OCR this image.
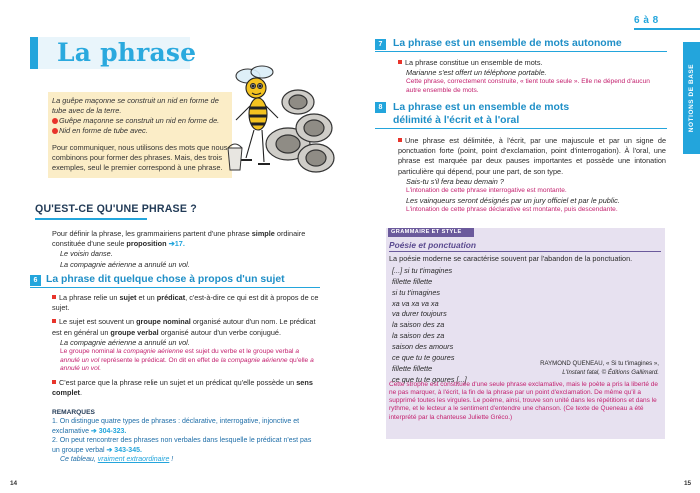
La phrase

La guêpe maçonne se construit un nid en forme de tube avec de la terre.

Guêpe maçonne se construit un nid en forme de.

Nid en forme de tube avec.

Pour communiquer, nous utilisons des mots que nous combinons pour former des phrases. Mais, des trois exemples, seul le premier correspond à une phrase.

QU'EST-CE QU'UNE PHRASE ?
Pour définir la phrase, les grammairiens partent d'une phrase simple ordinaire constituée d'une seule proposition ➔17.
Le voisin danse.
La compagnie aérienne a annulé un vol.
6 La phrase dit quelque chose à propos d'un sujet
La phrase relie un sujet et un prédicat, c'est-à-dire ce qui est dit à propos de ce sujet.
Le sujet est souvent un groupe nominal organisé autour d'un nom. Le prédicat est en général un groupe verbal organisé autour d'un verbe conjugué.
La compagnie aérienne a annulé un vol.
Le groupe nominal la compagnie aérienne est sujet du verbe et le groupe verbal a annulé un vol représente le prédicat. On dit en effet de la compagnie aérienne qu'elle a annulé un vol.
C'est parce que la phrase relie un sujet et un prédicat qu'elle possède un sens complet.
REMARQUES
1. On distingue quatre types de phrases : déclarative, interrogative, injonctive et exclamative ➔ 304-323.
2. On peut rencontrer des phrases non verbales dans lesquelle le prédicat n'est pas un groupe verbal ➔ 343-345.
Ce tableau, vraiment extraordinaire !
14
6 à 8
NOTIONS DE BASE
7	La phrase est un ensemble de mots autonome
La phrase constitue un ensemble de mots.
Marianne s'est offert un téléphone portable.
Cette phrase, correctement construite, « tient toute seule ». Elle ne dépend d'aucun autre ensemble de mots.
8	La phrase est un ensemble de mots
délimité à l'écrit et à l'oral
Une phrase est délimitée, à l'écrit, par une majuscule et par un signe de ponctuation forte (point, point d'exclamation, point d'interrogation). À l'oral, une phrase est marquée par deux pauses importantes et possède une intonation particulière qui dépend, pour une part, de son type.
Sais-tu s'il fera beau demain ?
L'intonation de cette phrase interrogative est montante.
Les vainqueurs seront désignés par un jury officiel et par le public.
L'intonation de cette phrase déclarative est montante, puis descendante.
GRAMMAIRE ET STYLE
Poésie et ponctuation
La poésie moderne se caractérise souvent par l'abandon de la ponctuation.
[...] si tu t'imagines
fillette fillette
si tu t'imagines
xa va xa va xa
va durer toujours
la saison des za
la saison des za
saison des amours
ce que tu te goures
fillette fillette
ce que tu te goures [...]
RAYMOND QUENEAU, « Si tu t'imagines »,
L'Instant fatal, © Éditions Gallimard.
Cette strophe est constituée d'une seule phrase exclamative, mais le poète a pris la liberté de ne pas marquer, à l'écrit, la fin de la phrase par un point d'exclamation. De même qu'il a supprimé toutes les virgules. Le poème, ainsi, trouve son unité dans les répétitions et dans le rythme, et le lecteur a le sentiment d'entendre une chanson. (Ce texte de Queneau a été interprété par la chanteuse Juliette Gréco.)
15
